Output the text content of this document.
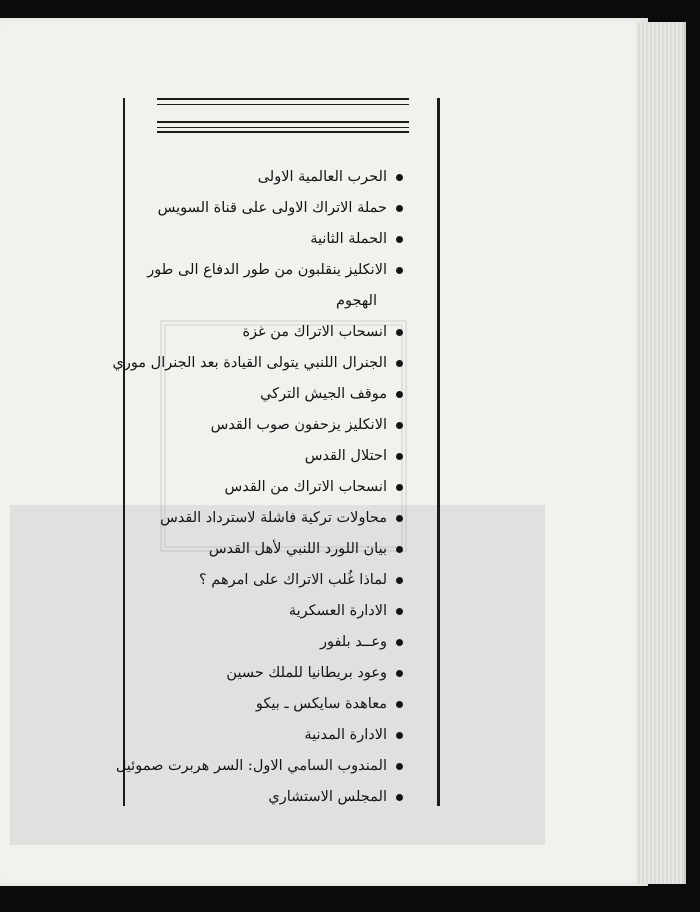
الحرب العالمية الاولى
حملة الاتراك الاولى على قناة السويس
الحملة الثانية
الانكليز ينقلبون من طور الدفاع الى طور
الهجوم
انسحاب الاتراك من غزة
الجنرال اللنبي يتولى القيادة بعد الجنرال موري
موقف الجيش التركي
الانكليز يزحفون صوب القدس
احتلال القدس
انسحاب الاتراك من القدس
محاولات تركية فاشلة لاسترداد القدس
بيان اللورد اللنبي لأهل القدس
لماذا غُلب الاتراك على امرهم ؟
الادارة العسكرية
وعــد بلفور
وعود بريطانيا للملك حسين
معاهدة سايكس ـ بيكو
الادارة المدنية
المندوب السامي الاول: السر هربرت صموئيل
المجلس الاستشاري
